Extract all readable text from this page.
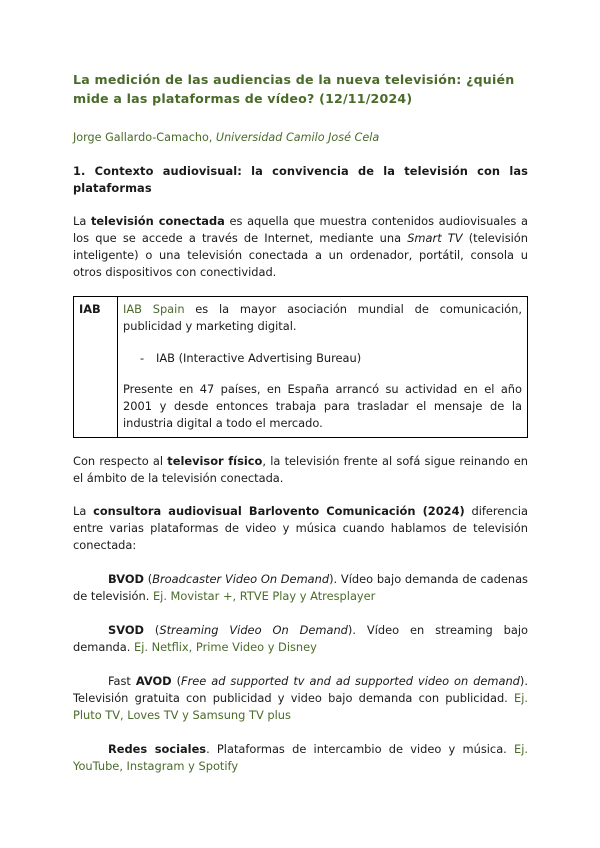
La medición de las audiencias de la nueva televisión: ¿quién mide a las plataformas de vídeo? (12/11/2024)
Jorge Gallardo-Camacho, Universidad Camilo José Cela
1. Contexto audiovisual: la convivencia de la televisión con las plataformas

La televisión conectada es aquella que muestra contenidos audiovisuales a los que se accede a través de Internet, mediante una Smart TV (televisión inteligente) o una televisión conectada a un ordenador, portátil, consola u otros dispositivos con conectividad.

IAB	IAB Spain es la mayor asociación mundial de comunicación, publicidad y marketing digital.

-	IAB (Interactive Advertising Bureau)

Presente en 47 países, en España arrancó su actividad en el año 2001 y desde entonces trabaja para trasladar el mensaje de la industria digital a todo el mercado.

Con respecto al televisor físico, la televisión frente al sofá sigue reinando en el ámbito de la televisión conectada.

La consultora audiovisual Barlovento Comunicación (2024) diferencia entre varias plataformas de video y música cuando hablamos de televisión conectada:

BVOD (Broadcaster Video On Demand). Vídeo bajo demanda de cadenas de televisión. Ej. Movistar +, RTVE Play y Atresplayer

SVOD (Streaming Video On Demand). Vídeo en streaming bajo demanda. Ej. Netflix, Prime Video y Disney

Fast AVOD (Free ad supported tv and ad supported video on demand). Televisión gratuita con publicidad y video bajo demanda con publicidad. Ej. Pluto TV, Loves TV y Samsung TV plus

Redes sociales. Plataformas de intercambio de video y música. Ej. YouTube, Instagram y Spotify
